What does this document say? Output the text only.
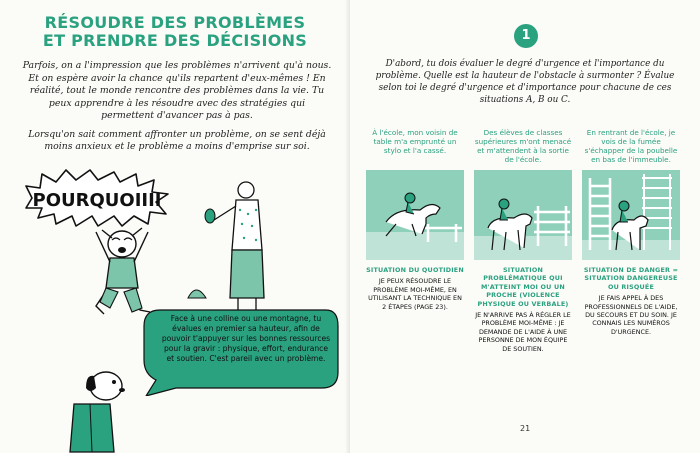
RÉSOUDRE DES PROBLÈMES
ET PRENDRE DES DÉCISIONS

Parfois, on a l'impression que les problèmes n'arrivent qu'à nous. Et on espère avoir la chance qu'ils repartent d'eux-mêmes ! En réalité, tout le monde rencontre des problèmes dans la vie. Tu peux apprendre à les résoudre avec des stratégies qui permettent d'avancer pas à pas.

Lorsqu'on sait comment affronter un problème, on se sent déjà moins anxieux et le problème a moins d'emprise sur soi.

POURQUOIIII
Face à une colline ou une montagne, tu évalues en premier sa hauteur, afin de pouvoir t'appuyer sur les bonnes ressources pour la gravir : physique, effort, endurance et soutien. C'est pareil avec un problème.
1
D'abord, tu dois évaluer le degré d'urgence et l'importance du problème. Quelle est la hauteur de l'obstacle à surmonter ? Évalue selon toi le degré d'urgence et d'importance pour chacune de ces situations A, B ou C.
À l'école, mon voisin de table m'a emprunté un stylo et l'a cassé.
SITUATION DU QUOTIDIEN
JE PEUX RÉSOUDRE LE PROBLÈME MOI-MÊME, EN UTILISANT LA TECHNIQUE EN 2 ÉTAPES (PAGE 23).
Des élèves de classes supérieures m'ont menacé et m'attendent à la sortie de l'école.
SITUATION PROBLÉMATIQUE QUI M'ATTEINT MOI OU UN PROCHE (VIOLENCE PHYSIQUE OU VERBALE)
JE N'ARRIVE PAS À RÉGLER LE PROBLÈME MOI-MÊME : JE DEMANDE DE L'AIDE À UNE PERSONNE DE MON ÉQUIPE DE SOUTIEN.
En rentrant de l'école, je vois de la fumée s'échapper de la poubelle en bas de l'immeuble.
SITUATION DE DANGER = SITUATION DANGEREUSE OU RISQUÉE
JE FAIS APPEL À DES PROFESSIONNELS DE L'AIDE, DU SECOURS ET DU SOIN. JE CONNAIS LES NUMÉROS D'URGENCE.
21
